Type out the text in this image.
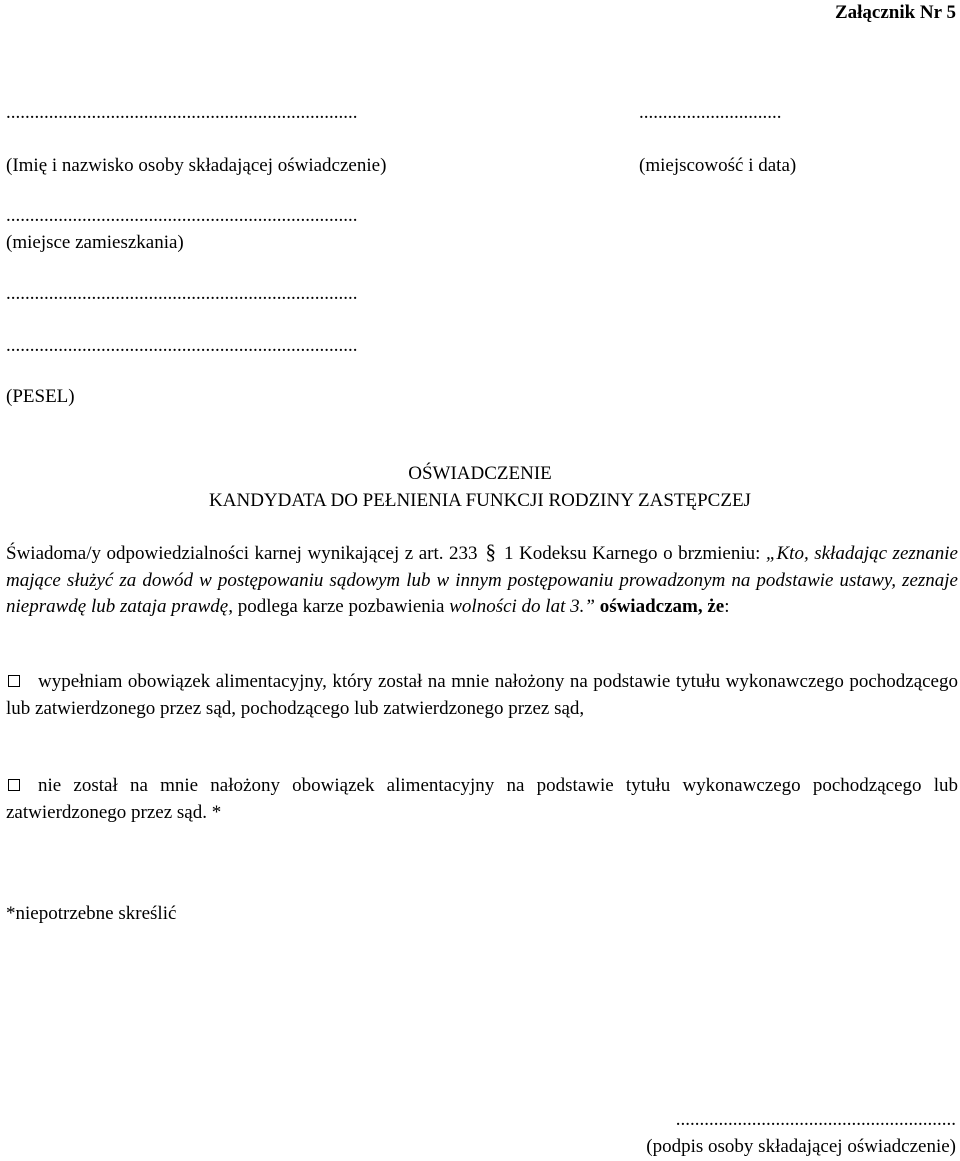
Załącznik Nr 5
..........................................................................	..............................
(Imię i nazwisko osoby składającej oświadczenie)	(miejscowość i data)
..........................................................................
(miejsce zamieszkania)
..........................................................................
..........................................................................
(PESEL)
OŚWIADCZENIE
KANDYDATA DO PEŁNIENIA FUNKCJI RODZINY ZASTĘPCZEJ
Świadoma/y odpowiedzialności karnej wynikającej z art. 233 § 1 Kodeksu Karnego o brzmieniu: „Kto, składając zeznanie mające służyć za dowód w postępowaniu sądowym lub w innym postępowaniu prowadzonym na podstawie ustawy, zeznaje nieprawdę lub zataja prawdę, podlega karze pozbawienia wolności do lat 3.” oświadczam, że:
wypełniam obowiązek alimentacyjny, który został na mnie nałożony na podstawie tytułu wykonawczego pochodzącego lub zatwierdzonego przez sąd, pochodzącego lub zatwierdzonego przez sąd,
nie został na mnie nałożony obowiązek alimentacyjny na podstawie tytułu wykonawczego pochodzącego lub zatwierdzonego przez sąd. *
*niepotrzebne skreślić
...........................................................
(podpis osoby składającej oświadczenie)
